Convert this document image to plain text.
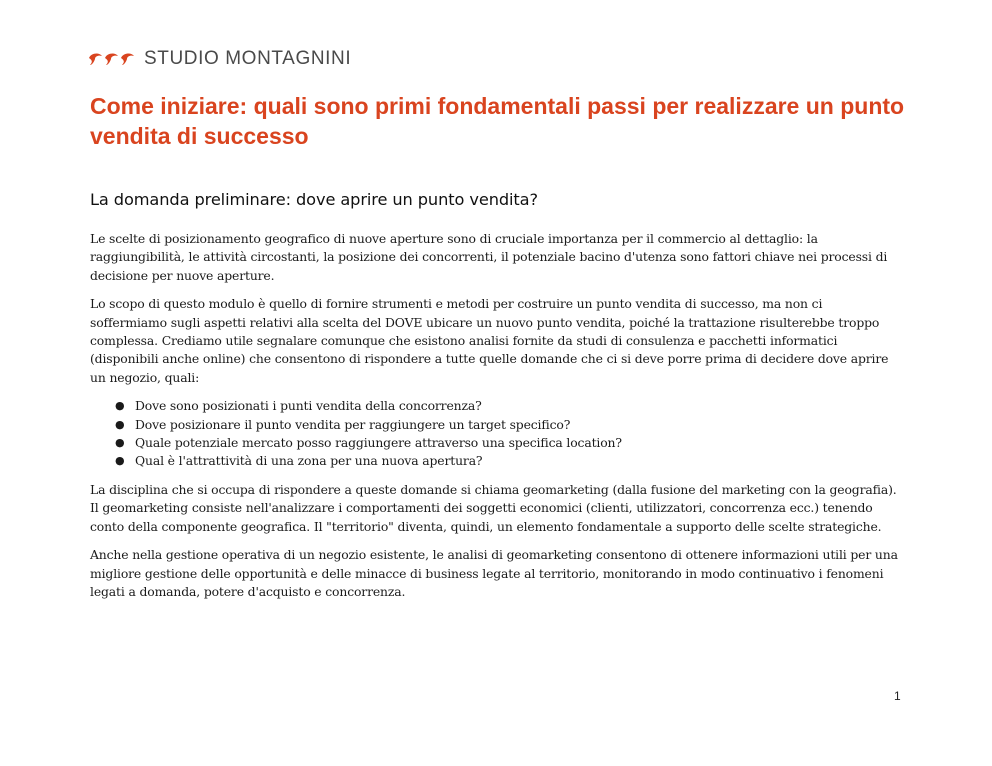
STUDIO MONTAGNINI
Come iniziare: quali sono primi fondamentali passi per realizzare un punto vendita di successo
La domanda preliminare: dove aprire un punto vendita?

Le scelte di posizionamento geografico di nuove aperture sono di cruciale importanza per il commercio al dettaglio: la raggiungibilità, le attività circostanti, la posizione dei concorrenti, il potenziale bacino d'utenza sono fattori chiave nei processi di decisione per nuove aperture.

Lo scopo di questo modulo è quello di fornire strumenti e metodi per costruire un punto vendita di successo, ma non ci soffermiamo sugli aspetti relativi alla scelta del DOVE ubicare un nuovo punto vendita, poiché la trattazione risulterebbe troppo complessa. Crediamo utile segnalare comunque che esistono analisi fornite da studi di consulenza e pacchetti informatici (disponibili anche online) che consentono di rispondere a tutte quelle domande che ci si deve porre prima di decidere dove aprire un negozio, quali:

● Dove sono posizionati i punti vendita della concorrenza?
● Dove posizionare il punto vendita per raggiungere un target specifico?
● Quale potenziale mercato posso raggiungere attraverso una specifica location?
● Qual è l'attrattività di una zona per una nuova apertura?

La disciplina che si occupa di rispondere a queste domande si chiama geomarketing (dalla fusione del marketing con la geografia). Il geomarketing consiste nell'analizzare i comportamenti dei soggetti economici (clienti, utilizzatori, concorrenza ecc.) tenendo conto della componente geografica. Il "territorio" diventa, quindi, un elemento fondamentale a supporto delle scelte strategiche.

Anche nella gestione operativa di un negozio esistente, le analisi di geomarketing consentono di ottenere informazioni utili per una migliore gestione delle opportunità e delle minacce di business legate al territorio, monitorando in modo continuativo i fenomeni legati a domanda, potere d'acquisto e concorrenza.

1
